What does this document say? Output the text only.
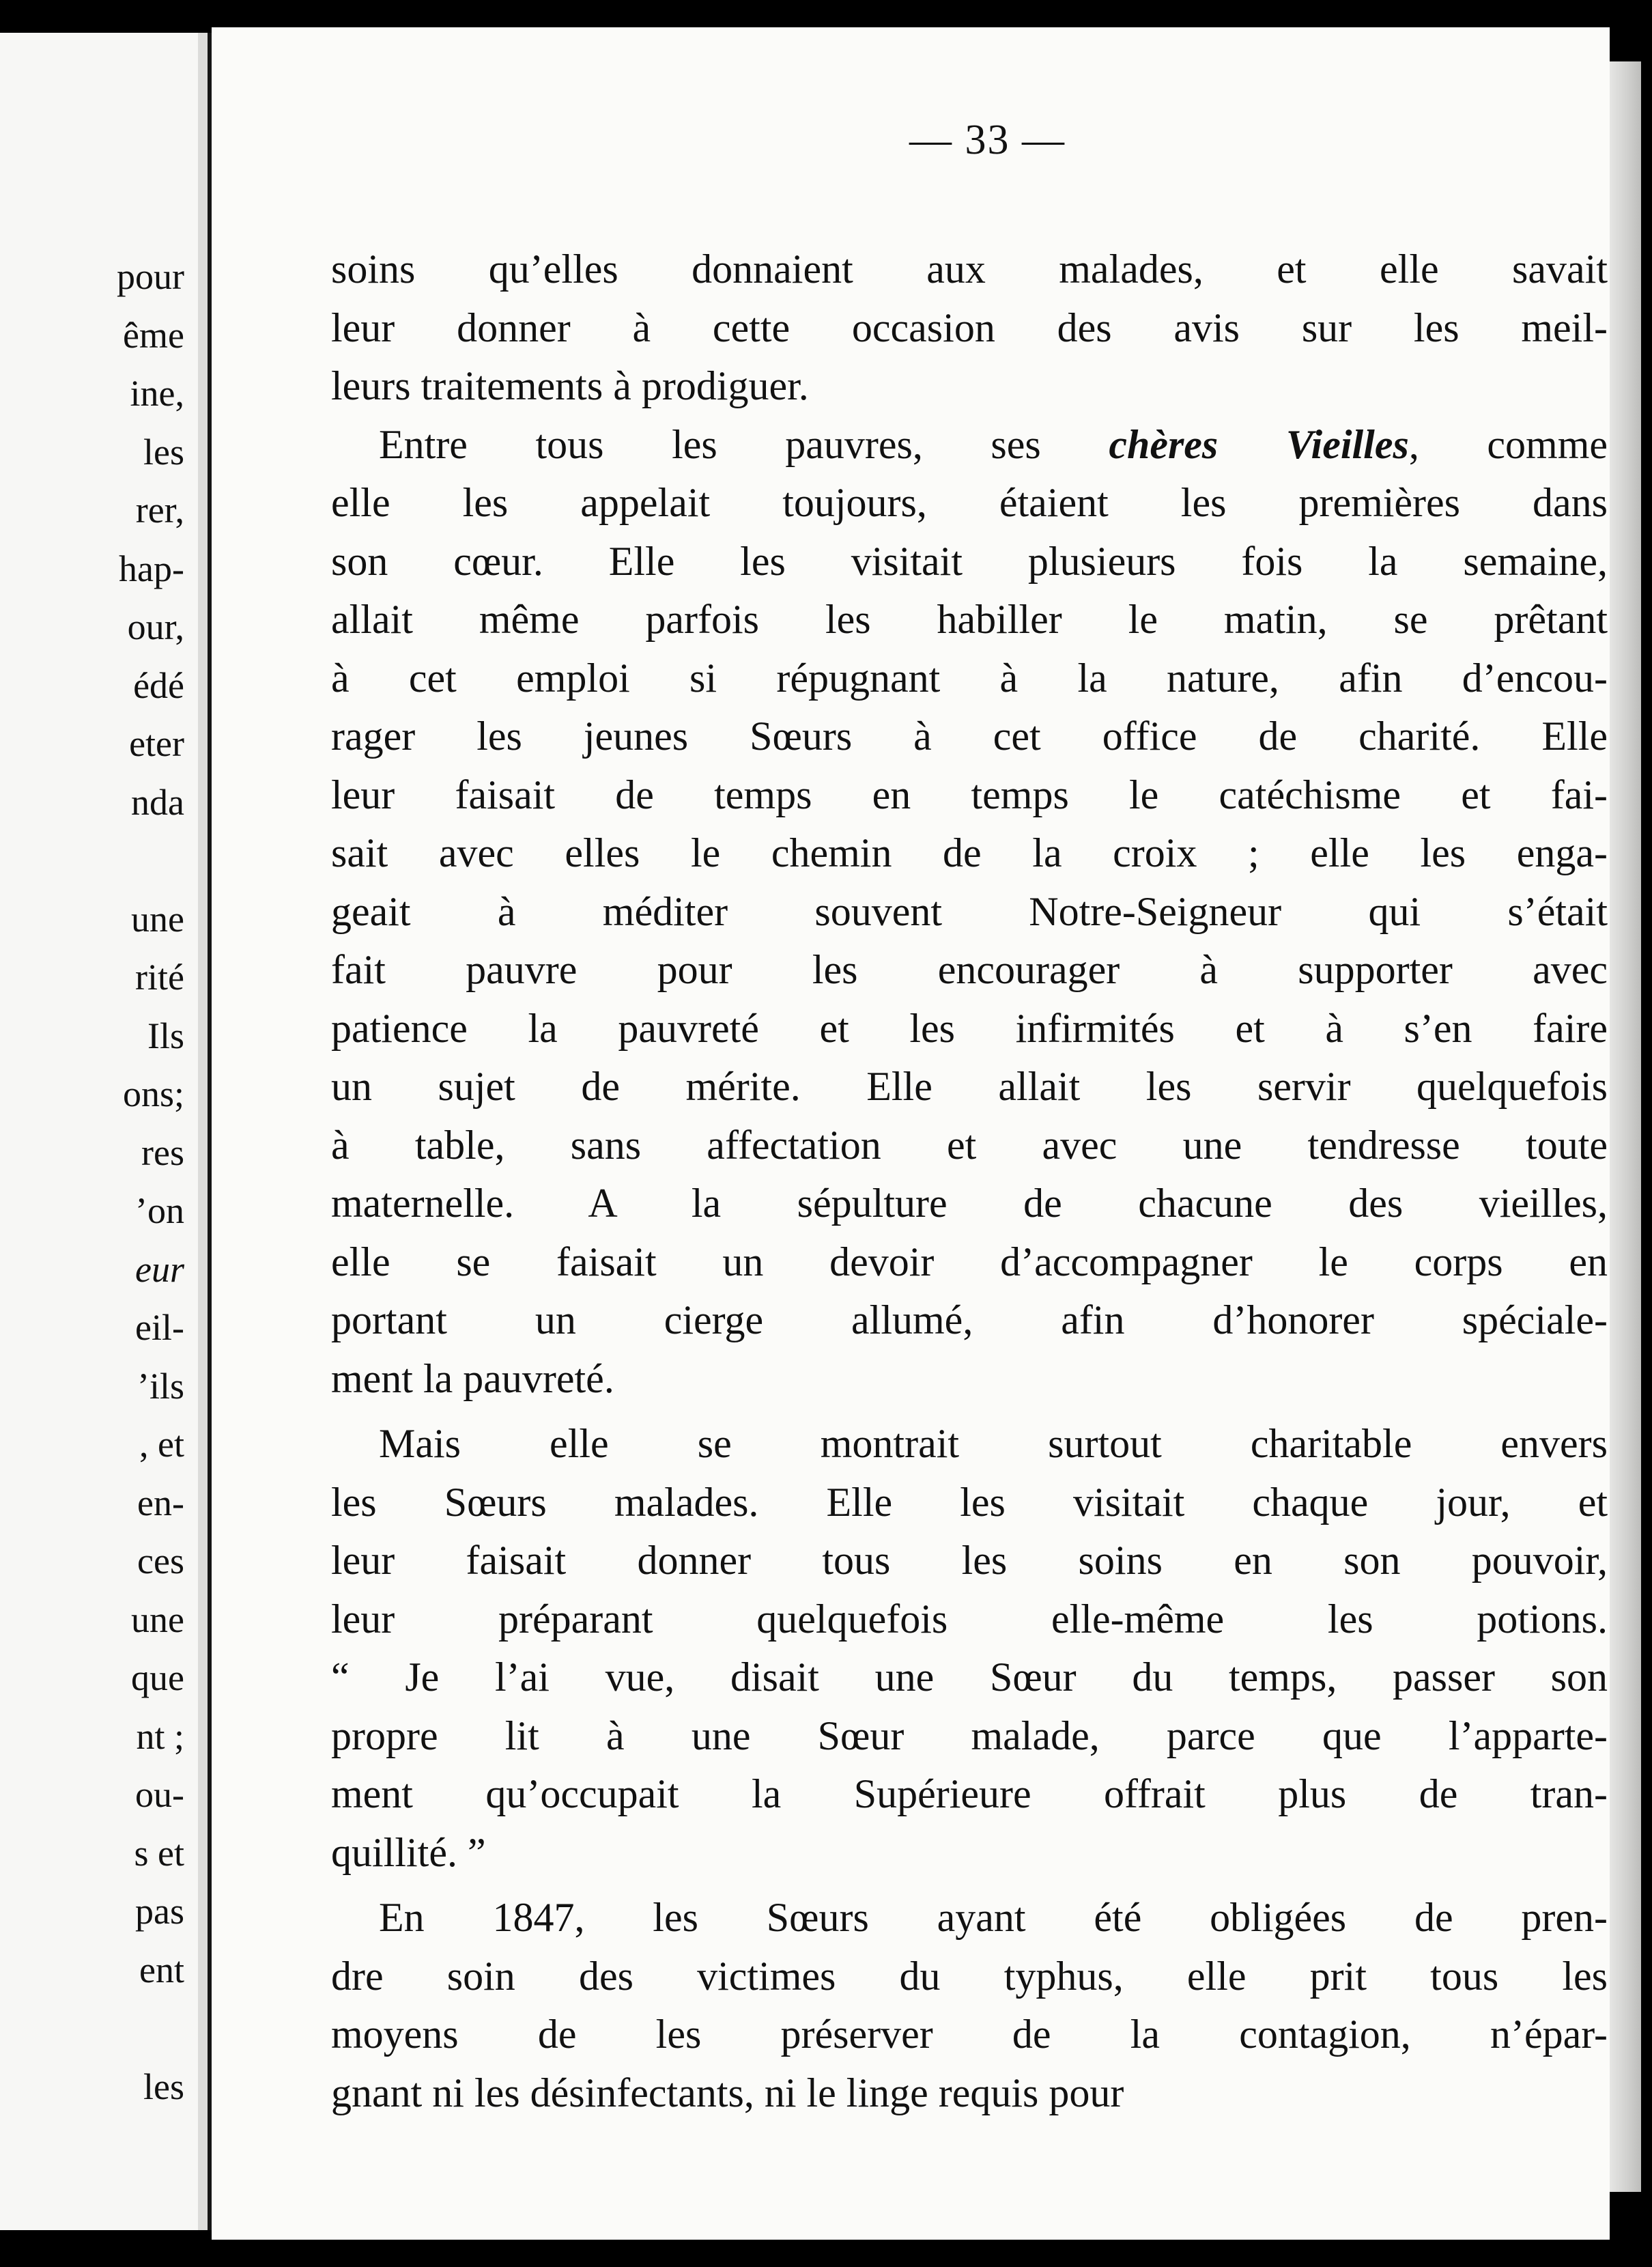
pour
ême
ine,
les
rer,
hap-
our,
édé
eter
nda
une
rité
Ils
ons;
res
’on
eur
eil-
’ils
, et
en-
ces
une
que
nt ;
ou-
s et
pas
ent
les
— 33 —
soins qu’elles donnaient aux malades, et elle savait
leur donner à cette occasion des avis sur les meil-
leurs traitements à prodiguer.
Entre tous les pauvres, ses chères Vieilles, comme
elle les appelait toujours, étaient les premières dans
son cœur. Elle les visitait plusieurs fois la semaine,
allait même parfois les habiller le matin, se prêtant
à cet emploi si répugnant à la nature, afin d’encou-
rager les jeunes Sœurs à cet office de charité. Elle
leur faisait de temps en temps le catéchisme et fai-
sait avec elles le chemin de la croix ; elle les enga-
geait à méditer souvent Notre-Seigneur qui s’était
fait pauvre pour les encourager à supporter avec
patience la pauvreté et les infirmités et à s’en faire
un sujet de mérite. Elle allait les servir quelquefois
à table, sans affectation et avec une tendresse toute
maternelle. A la sépulture de chacune des vieilles,
elle se faisait un devoir d’accompagner le corps en
portant un cierge allumé, afin d’honorer spéciale-
ment la pauvreté.
Mais elle se montrait surtout charitable envers
les Sœurs malades. Elle les visitait chaque jour, et
leur faisait donner tous les soins en son pouvoir,
leur préparant quelquefois elle-même les potions.
“ Je l’ai vue, disait une Sœur du temps, passer son
propre lit à une Sœur malade, parce que l’apparte-
ment qu’occupait la Supérieure offrait plus de tran-
quillité. ”
En 1847, les Sœurs ayant été obligées de pren-
dre soin des victimes du typhus, elle prit tous les
moyens de les préserver de la contagion, n’épar-
gnant ni les désinfectants, ni le linge requis pour
